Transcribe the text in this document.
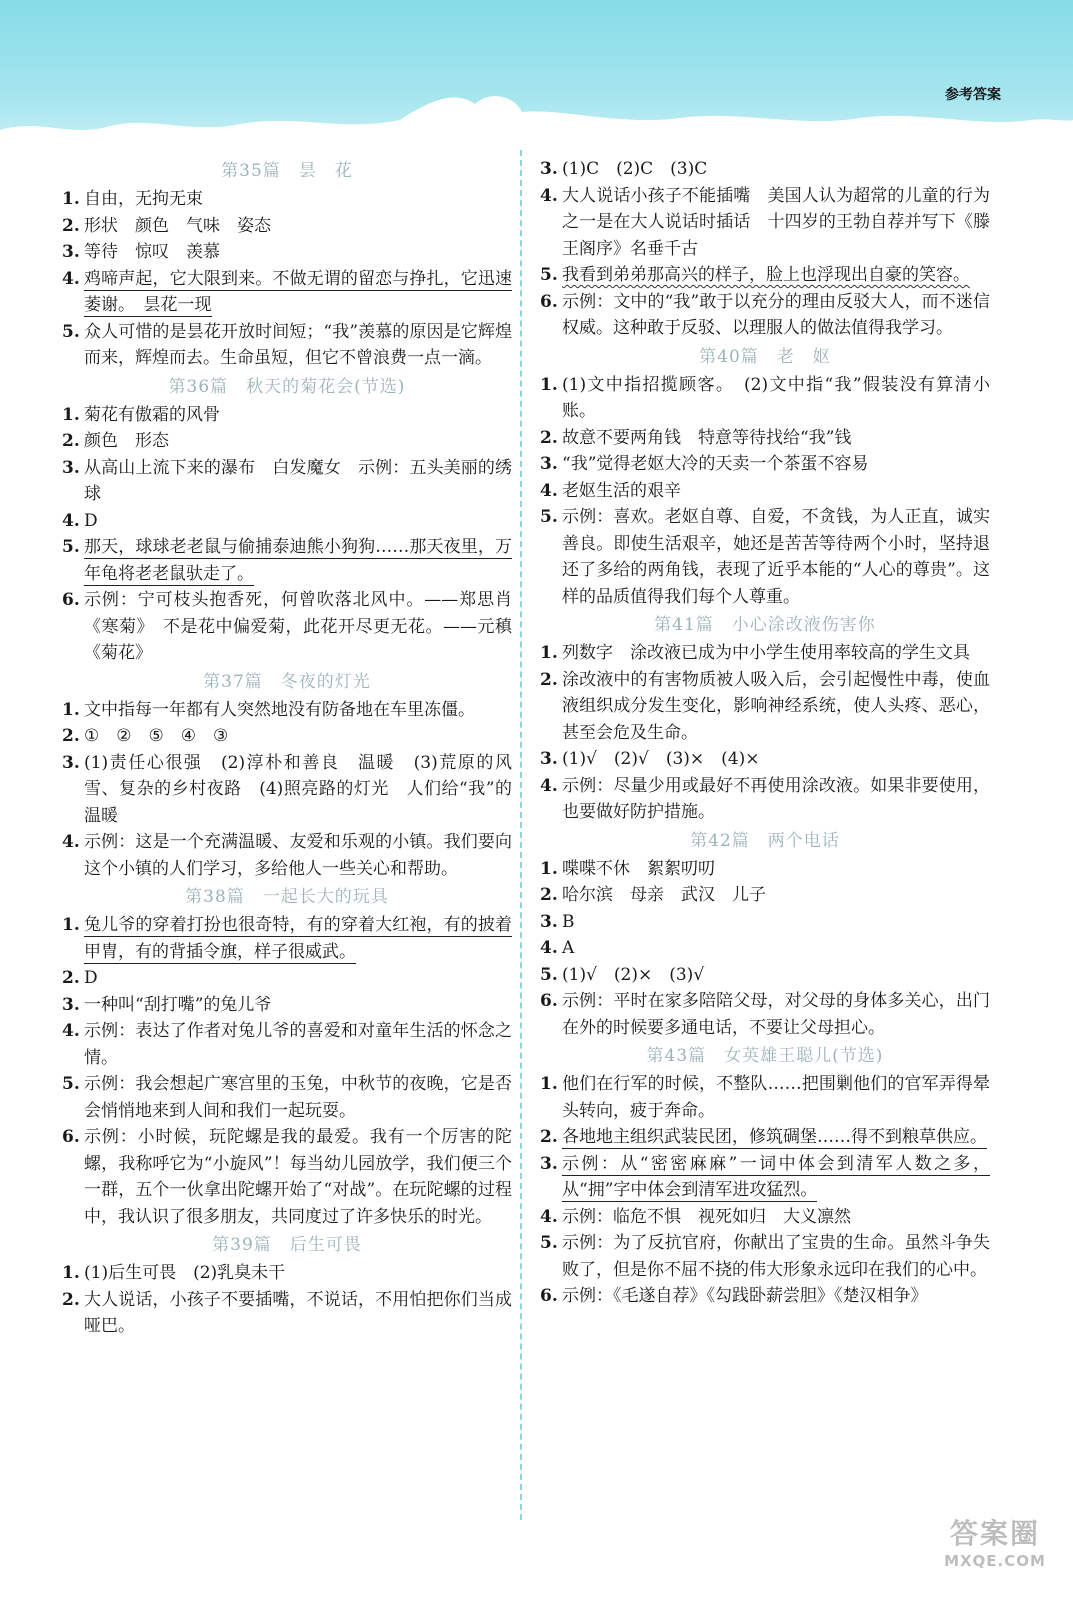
参考答案
第35篇　昙　花
1. 自由，无拘无束
2. 形状　颜色　气味　姿态
3. 等待　惊叹　羡慕
4. 鸡啼声起，它大限到来。不做无谓的留恋与挣扎，它迅速萎谢。　昙花一现
5. 众人可惜的是昙花开放时间短；“我”羡慕的原因是它辉煌而来，辉煌而去。生命虽短，但它不曾浪费一点一滴。
第36篇　秋天的菊花会(节选)
1. 菊花有傲霜的风骨
2. 颜色　形态
3. 从高山上流下来的瀑布　白发魔女　示例：五头美丽的绣球
4. D
5. 那天，球球老老鼠与偷捕泰迪熊小狗狗……那天夜里，万年龟将老老鼠驮走了。
6. 示例：宁可枝头抱香死，何曾吹落北风中。——郑思肖《寒菊》　不是花中偏爱菊，此花开尽更无花。——元稹《菊花》
第37篇　冬夜的灯光
1. 文中指每一年都有人突然地没有防备地在车里冻僵。
2. ①　②　⑤　④　③
3. (1)责任心很强　(2)淳朴和善良　温暖　(3)荒原的风雪、复杂的乡村夜路　(4)照亮路的灯光　人们给“我”的温暖
4. 示例：这是一个充满温暖、友爱和乐观的小镇。我们要向这个小镇的人们学习，多给他人一些关心和帮助。
第38篇　一起长大的玩具
1. 兔儿爷的穿着打扮也很奇特，有的穿着大红袍，有的披着甲胄，有的背插令旗，样子很威武。
2. D
3. 一种叫“刮打嘴”的兔儿爷
4. 示例：表达了作者对兔儿爷的喜爱和对童年生活的怀念之情。
5. 示例：我会想起广寒宫里的玉兔，中秋节的夜晚，它是否会悄悄地来到人间和我们一起玩耍。
6. 示例：小时候，玩陀螺是我的最爱。我有一个厉害的陀螺，我称呼它为“小旋风”！每当幼儿园放学，我们便三个一群，五个一伙拿出陀螺开始了“对战”。在玩陀螺的过程中，我认识了很多朋友，共同度过了许多快乐的时光。
第39篇　后生可畏
1. (1)后生可畏　(2)乳臭未干
2. 大人说话，小孩子不要插嘴，不说话，不用怕把你们当成哑巴。
3. (1)C　(2)C　(3)C
4. 大人说话小孩子不能插嘴　美国人认为超常的儿童的行为之一是在大人说话时插话　十四岁的王勃自荐并写下《滕王阁序》名垂千古
5. 我看到弟弟那高兴的样子，脸上也浮现出自豪的笑容。
6. 示例：文中的“我”敢于以充分的理由反驳大人，而不迷信权威。这种敢于反驳、以理服人的做法值得我学习。
第40篇　老　妪
1. (1)文中指招揽顾客。　(2)文中指“我”假装没有算清小账。
2. 故意不要两角钱　特意等待找给“我”钱
3. “我”觉得老妪大冷的天卖一个茶蛋不容易
4. 老妪生活的艰辛
5. 示例：喜欢。老妪自尊、自爱，不贪钱，为人正直，诚实善良。即使生活艰辛，她还是苦苦等待两个小时，坚持退还了多给的两角钱，表现了近乎本能的“人心的尊贵”。这样的品质值得我们每个人尊重。
第41篇　小心涂改液伤害你
1. 列数字　涂改液已成为中小学生使用率较高的学生文具
2. 涂改液中的有害物质被人吸入后，会引起慢性中毒，使血液组织成分发生变化，影响神经系统，使人头疼、恶心，甚至会危及生命。
3. (1)√　(2)√　(3)×　(4)×
4. 示例：尽量少用或最好不再使用涂改液。如果非要使用，也要做好防护措施。
第42篇　两个电话
1. 喋喋不休　絮絮叨叨
2. 哈尔滨　母亲　武汉　儿子
3. B
4. A
5. (1)√　(2)×　(3)√
6. 示例：平时在家多陪陪父母，对父母的身体多关心，出门在外的时候要多通电话，不要让父母担心。
第43篇　女英雄王聪儿(节选)
1. 他们在行军的时候，不整队……把围剿他们的官军弄得晕头转向，疲于奔命。
2. 各地地主组织武装民团，修筑碉堡……得不到粮草供应。
3. 示例：从“密密麻麻”一词中体会到清军人数之多，从“拥”字中体会到清军进攻猛烈。
4. 示例：临危不惧　视死如归　大义凛然
5. 示例：为了反抗官府，你献出了宝贵的生命。虽然斗争失败了，但是你不屈不挠的伟大形象永远印在我们的心中。
6. 示例：《毛遂自荐》《勾践卧薪尝胆》《楚汉相争》
答案圈
MXQE.COM
